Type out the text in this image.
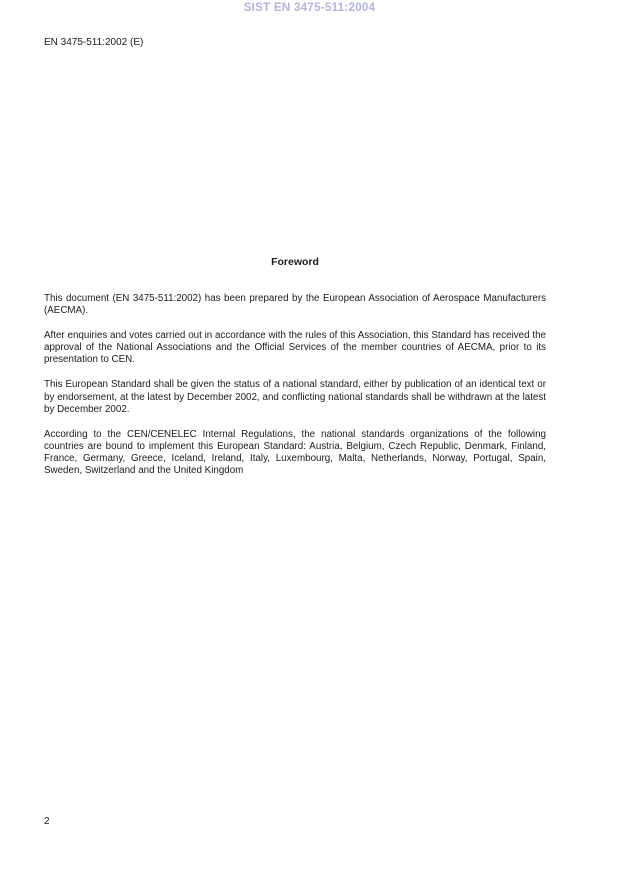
SIST EN 3475-511:2004
EN 3475-511:2002 (E)
Foreword

This document (EN 3475-511:2002) has been prepared by the European Association of Aerospace Manufacturers (AECMA).

After enquiries and votes carried out in accordance with the rules of this Association, this Standard has received the approval of the National Associations and the Official Services of the member countries of AECMA, prior to its presentation to CEN.

This European Standard shall be given the status of a national standard, either by publication of an identical text or by endorsement, at the latest by December 2002, and conflicting national standards shall be withdrawn at the latest by December 2002.

According to the CEN/CENELEC Internal Regulations, the national standards organizations of the following countries are bound to implement this European Standard: Austria, Belgium, Czech Republic, Denmark, Finland, France, Germany, Greece, Iceland, Ireland, Italy, Luxembourg, Malta, Netherlands, Norway, Portugal, Spain, Sweden, Switzerland and the United Kingdom

2
